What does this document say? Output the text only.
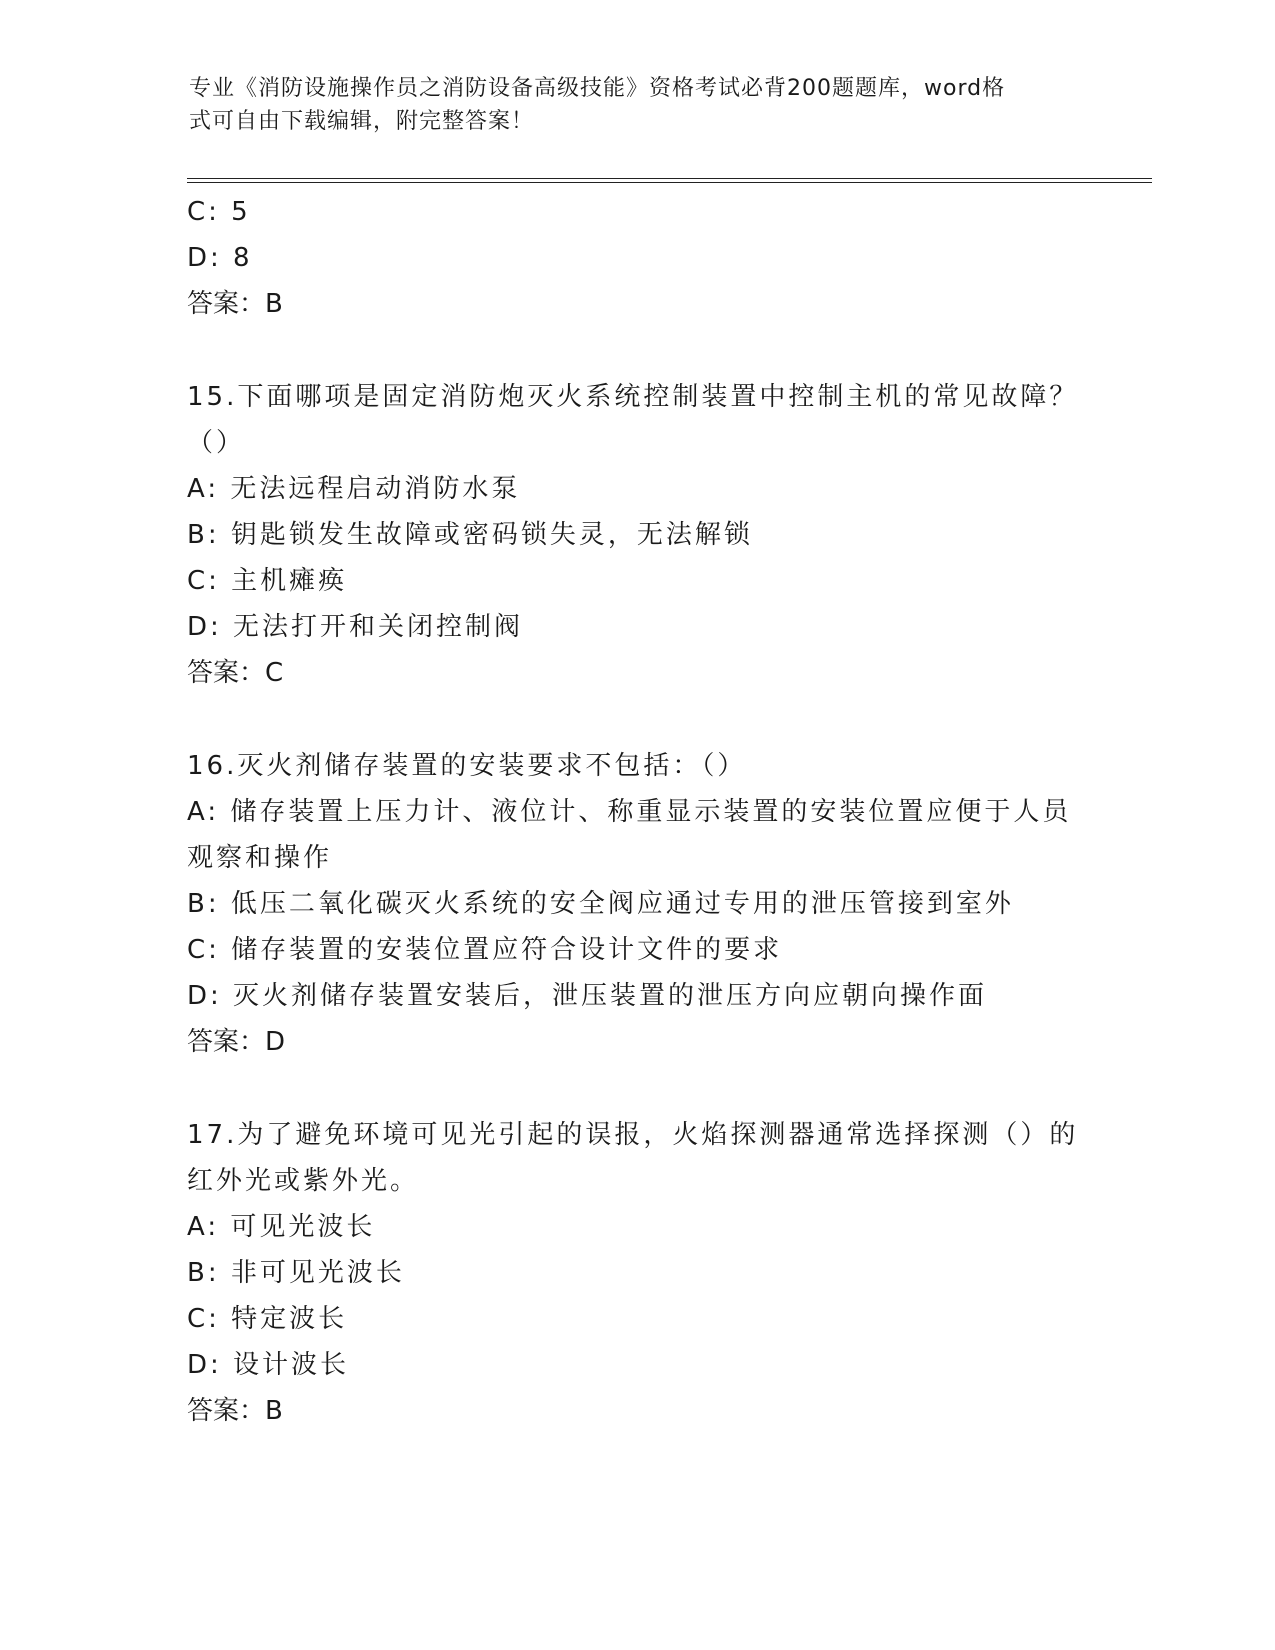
专业《消防设施操作员之消防设备高级技能》资格考试必背200题题库，word格
式可自由下载编辑，附完整答案！
C: 5
D: 8
答案：B
15.下面哪项是固定消防炮灭火系统控制装置中控制主机的常见故障？
（）
A: 无法远程启动消防水泵
B: 钥匙锁发生故障或密码锁失灵，无法解锁
C: 主机瘫痪
D: 无法打开和关闭控制阀
答案：C
16.灭火剂储存装置的安装要求不包括：（）
A: 储存装置上压力计、液位计、称重显示装置的安装位置应便于人员
观察和操作
B: 低压二氧化碳灭火系统的安全阀应通过专用的泄压管接到室外
C: 储存装置的安装位置应符合设计文件的要求
D: 灭火剂储存装置安装后，泄压装置的泄压方向应朝向操作面
答案：D
17.为了避免环境可见光引起的误报，火焰探测器通常选择探测（）的
红外光或紫外光。
A: 可见光波长
B: 非可见光波长
C: 特定波长
D: 设计波长
答案：B
